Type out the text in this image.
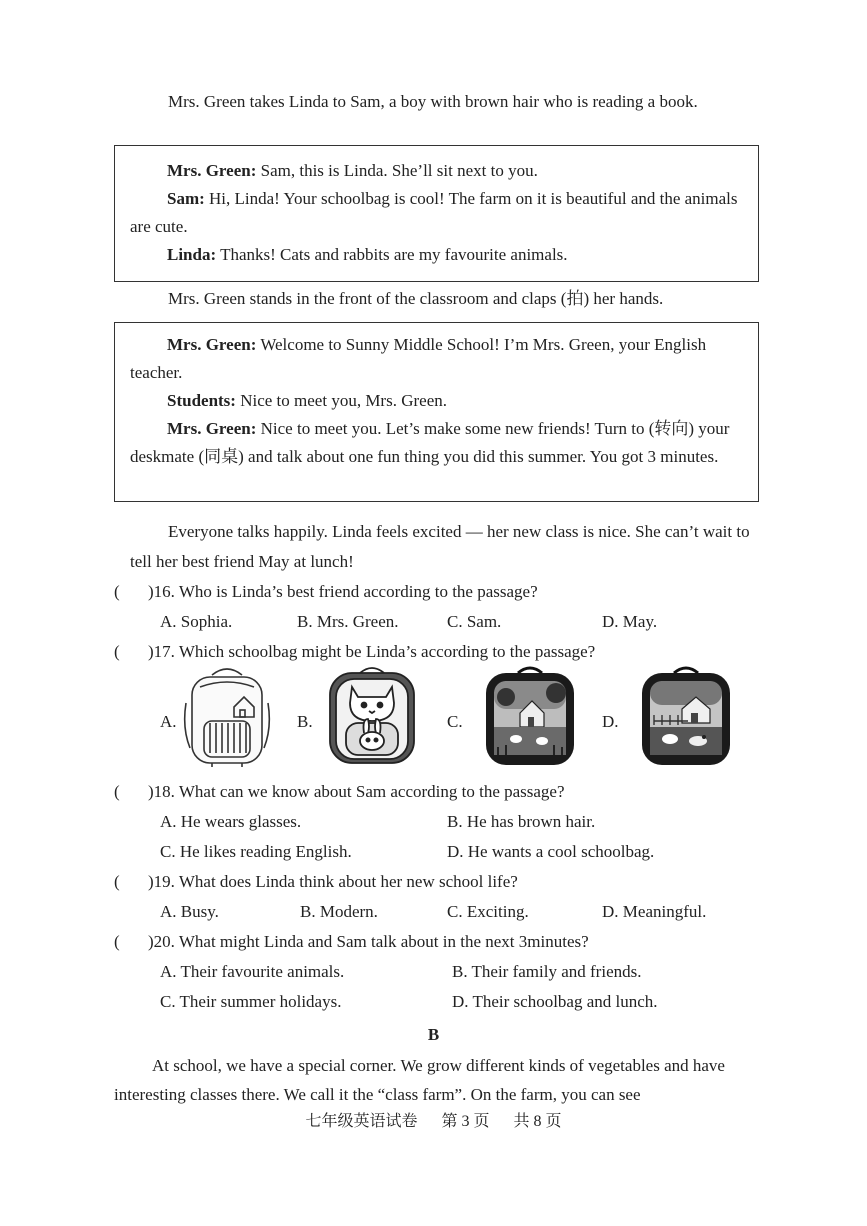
Mrs. Green takes Linda to Sam, a boy with brown hair who is reading a book.

Mrs. Green: Sam, this is Linda. She’ll sit next to you.

Sam: Hi, Linda! Your schoolbag is cool! The farm on it is beautiful and the animals are cute.

Linda: Thanks! Cats and rabbits are my favourite animals.

Mrs. Green stands in the front of the classroom and claps (拍) her hands.

Mrs. Green: Welcome to Sunny Middle School! I’m Mrs. Green, your English teacher.

Students: Nice to meet you, Mrs. Green.

Mrs. Green: Nice to meet you. Let’s make some new friends! Turn to (转向) your deskmate (同桌) and talk about one fun thing you did this summer. You got 3 minutes.

Everyone talks happily. Linda feels excited — her new class is nice. She can’t wait to tell her best friend May at lunch!
( )16. Who is Linda’s best friend according to the passage?
A. Sophia.	B. Mrs. Green.	C. Sam.	D. May.
( )17. Which schoolbag might be Linda’s according to the passage?
A.	B.	C.	D.
( )18. What can we know about Sam according to the passage?
A. He wears glasses.	B. He has brown hair.
C. He likes reading English.	D. He wants a cool schoolbag.
( )19. What does Linda think about her new school life?
A. Busy.	B. Modern.	C. Exciting.	D. Meaningful.
( )20. What might Linda and Sam talk about in the next 3minutes?
A. Their favourite animals.	B. Their family and friends.
C. Their summer holidays.	D. Their schoolbag and lunch.
B
At school, we have a special corner. We grow different kinds of vegetables and have interesting classes there. We call it the “class farm”. On the farm, you can see
七年级英语试卷 第 3 页 共 8 页
